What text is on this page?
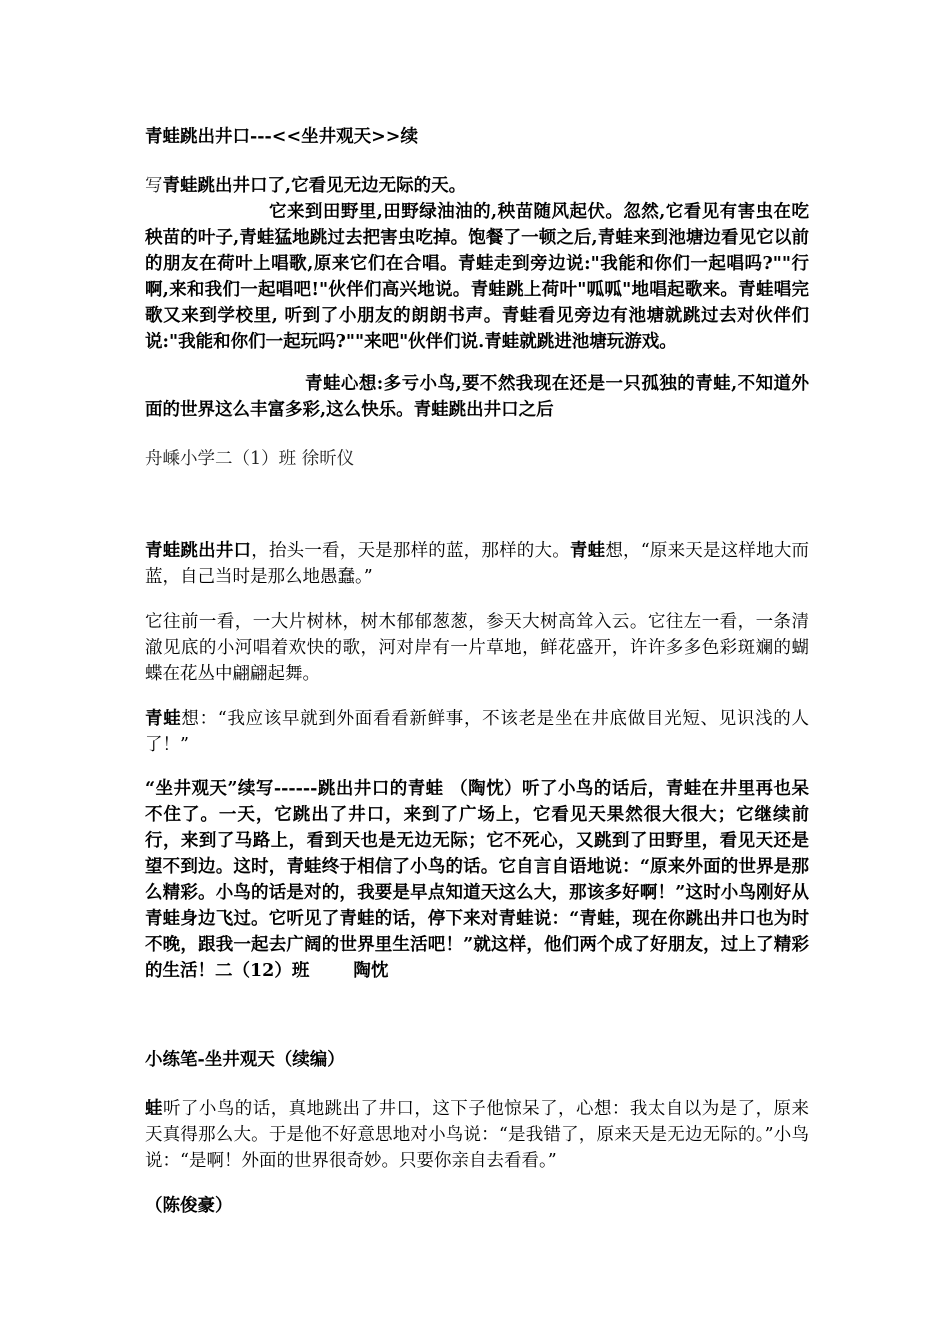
青蛙跳出井口---<<坐井观天>>续

写青蛙跳出井口了,它看见无边无际的天。

它来到田野里,田野绿油油的,秧苗随风起伏。忽然,它看见有害虫在吃秧苗的叶子,青蛙猛地跳过去把害虫吃掉。饱餐了一顿之后,青蛙来到池塘边看见它以前的朋友在荷叶上唱歌,原来它们在合唱。青蛙走到旁边说:"我能和你们一起唱吗?""行啊,来和我们一起唱吧!"伙伴们高兴地说。青蛙跳上荷叶"呱呱"地唱起歌来。青蛙唱完歌又来到学校里, 听到了小朋友的朗朗书声。青蛙看见旁边有池塘就跳过去对伙伴们说:"我能和你们一起玩吗?""来吧"伙伴们说.青蛙就跳进池塘玩游戏。

青蛙心想:多亏小鸟,要不然我现在还是一只孤独的青蛙,不知道外面的世界这么丰富多彩,这么快乐。青蛙跳出井口之后

舟嵊小学二（1）班 徐昕仪

青蛙跳出井口，抬头一看，天是那样的蓝，那样的大。青蛙想，“原来天是这样地大而蓝，自己当时是那么地愚蠢。”

它往前一看，一大片树林，树木郁郁葱葱，参天大树高耸入云。它往左一看，一条清澈见底的小河唱着欢快的歌，河对岸有一片草地，鲜花盛开，许许多多色彩斑斓的蝴蝶在花丛中翩翩起舞。

青蛙想：“我应该早就到外面看看新鲜事，不该老是坐在井底做目光短、见识浅的人了！”

“坐井观天”续写------跳出井口的青蛙 （陶忱）听了小鸟的话后，青蛙在井里再也呆不住了。一天，它跳出了井口，来到了广场上，它看见天果然很大很大；它继续前行，来到了马路上，看到天也是无边无际；它不死心，又跳到了田野里，看见天还是望不到边。这时，青蛙终于相信了小鸟的话。它自言自语地说：“原来外面的世界是那么精彩。小鸟的话是对的，我要是早点知道天这么大，那该多好啊！”这时小鸟刚好从青蛙身边飞过。它听见了青蛙的话，停下来对青蛙说：“青蛙，现在你跳出井口也为时不晚，跟我一起去广阔的世界里生活吧！”就这样，他们两个成了好朋友，过上了精彩的生活！二（12）班	陶忱

小练笔-坐井观天（续编）

蛙听了小鸟的话，真地跳出了井口，这下子他惊呆了，心想：我太自以为是了，原来天真得那么大。于是他不好意思地对小鸟说：“是我错了，原来天是无边无际的。”小鸟说：“是啊！外面的世界很奇妙。只要你亲自去看看。”

（陈俊豪）
